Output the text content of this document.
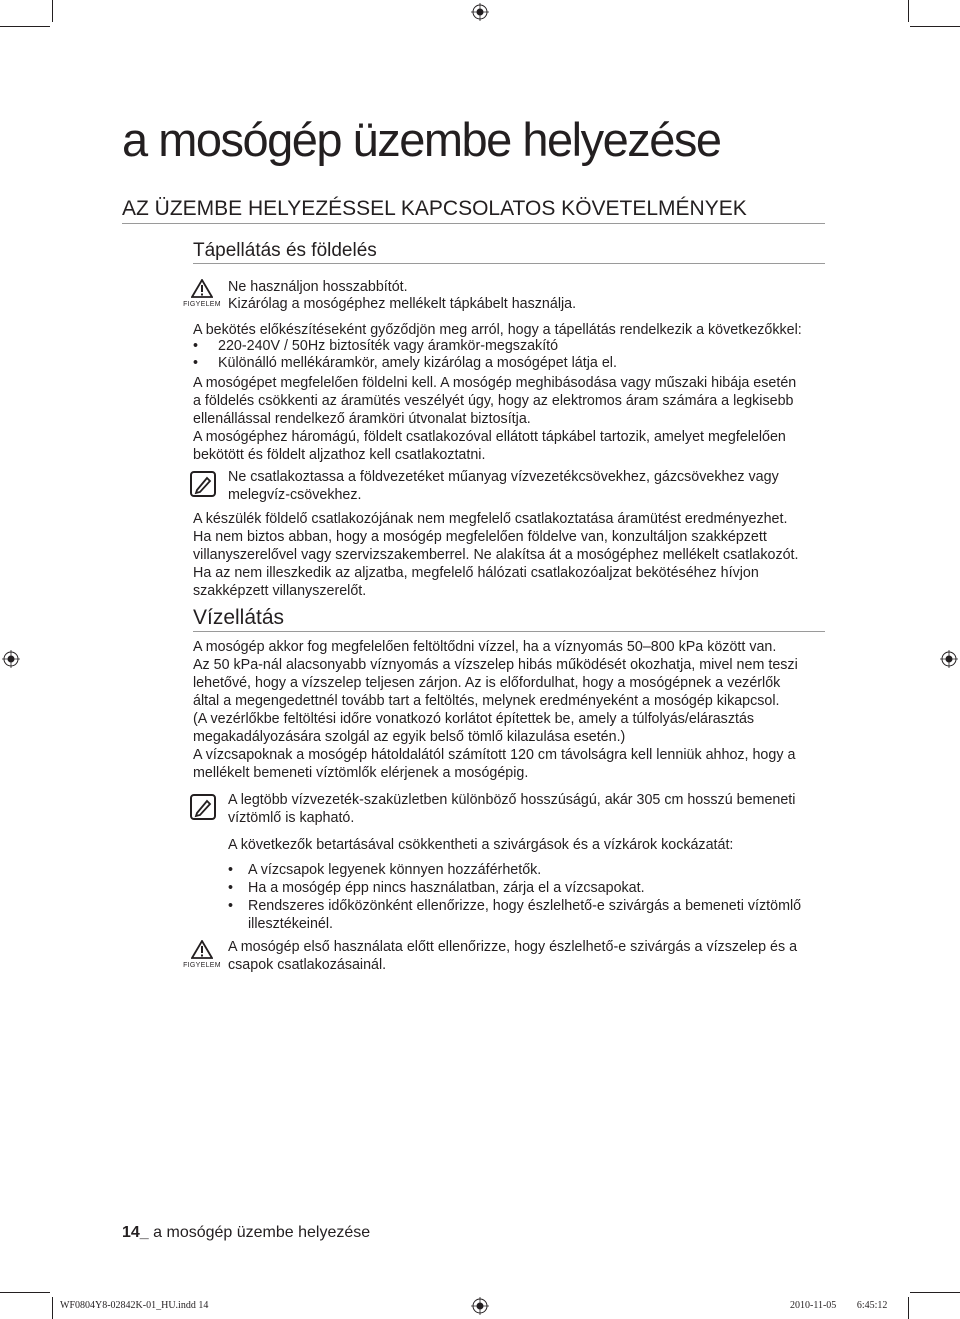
a mosógép üzembe helyezése
AZ ÜZEMBE HELYEZÉSSEL KAPCSOLATOS KÖVETELMÉNYEK
Tápellátás és földelés
FIGYELEM
Ne használjon hosszabbítót.
Kizárólag a mosógéphez mellékelt tápkábelt használja.
A bekötés előkészítéseként győződjön meg arról, hogy a tápellátás rendelkezik a következőkkel:
• 220-240V / 50Hz biztosíték vagy áramkör-megszakító
• Különálló mellékáramkör, amely kizárólag a mosógépet látja el.
A mosógépet megfelelően földelni kell. A mosógép meghibásodása vagy műszaki hibája esetén
a földelés csökkenti az áramütés veszélyét úgy, hogy az elektromos áram számára a legkisebb
ellenállással rendelkező áramköri útvonalat biztosítja.
A mosógéphez háromágú, földelt csatlakozóval ellátott tápkábel tartozik, amelyet megfelelően
bekötött és földelt aljzathoz kell csatlakoztatni.
Ne csatlakoztassa a földvezetéket műanyag vízvezetékcsövekhez, gázcsövekhez vagy
melegvíz-csövekhez.
A készülék földelő csatlakozójának nem megfelelő csatlakoztatása áramütést eredményezhet.
Ha nem biztos abban, hogy a mosógép megfelelően földelve van, konzultáljon szakképzett
villanyszerelővel vagy szervizszakemberrel. Ne alakítsa át a mosógéphez mellékelt csatlakozót.
Ha az nem illeszkedik az aljzatba, megfelelő hálózati csatlakozóaljzat bekötéséhez hívjon
szakképzett villanyszerelőt.
Vízellátás
A mosógép akkor fog megfelelően feltöltődni vízzel, ha a víznyomás 50–800 kPa között van.
Az 50 kPa-nál alacsonyabb víznyomás a vízszelep hibás működését okozhatja, mivel nem teszi
lehetővé, hogy a vízszelep teljesen zárjon. Az is előfordulhat, hogy a mosógépnek a vezérlők
által a megengedettnél tovább tart a feltöltés, melynek eredményeként a mosógép kikapcsol.
(A vezérlőkbe feltöltési időre vonatkozó korlátot építettek be, amely a túlfolyás/elárasztás
megakadályozására szolgál az egyik belső tömlő kilazulása esetén.)
A vízcsapoknak a mosógép hátoldalától számított 120 cm távolságra kell lenniük ahhoz, hogy a
mellékelt bemeneti víztömlők elérjenek a mosógépig.
A legtöbb vízvezeték-szaküzletben különböző hosszúságú, akár 305 cm hosszú bemeneti
víztömlő is kapható.
A következők betartásával csökkentheti a szivárgások és a vízkárok kockázatát:
• A vízcsapok legyenek könnyen hozzáférhetők.
• Ha a mosógép épp nincs használatban, zárja el a vízcsapokat.
• Rendszeres időközönként ellenőrizze, hogy észlelhető-e szivárgás a bemeneti víztömlő
illesztékeinél.
FIGYELEM
A mosógép első használata előtt ellenőrizze, hogy észlelhető-e szivárgás a vízszelep és a
csapok csatlakozásainál.
14_ a mosógép üzembe helyezése
WF0804Y8-02842K-01_HU.indd 14	2010-11-05 ￿￿ 6:45:12
